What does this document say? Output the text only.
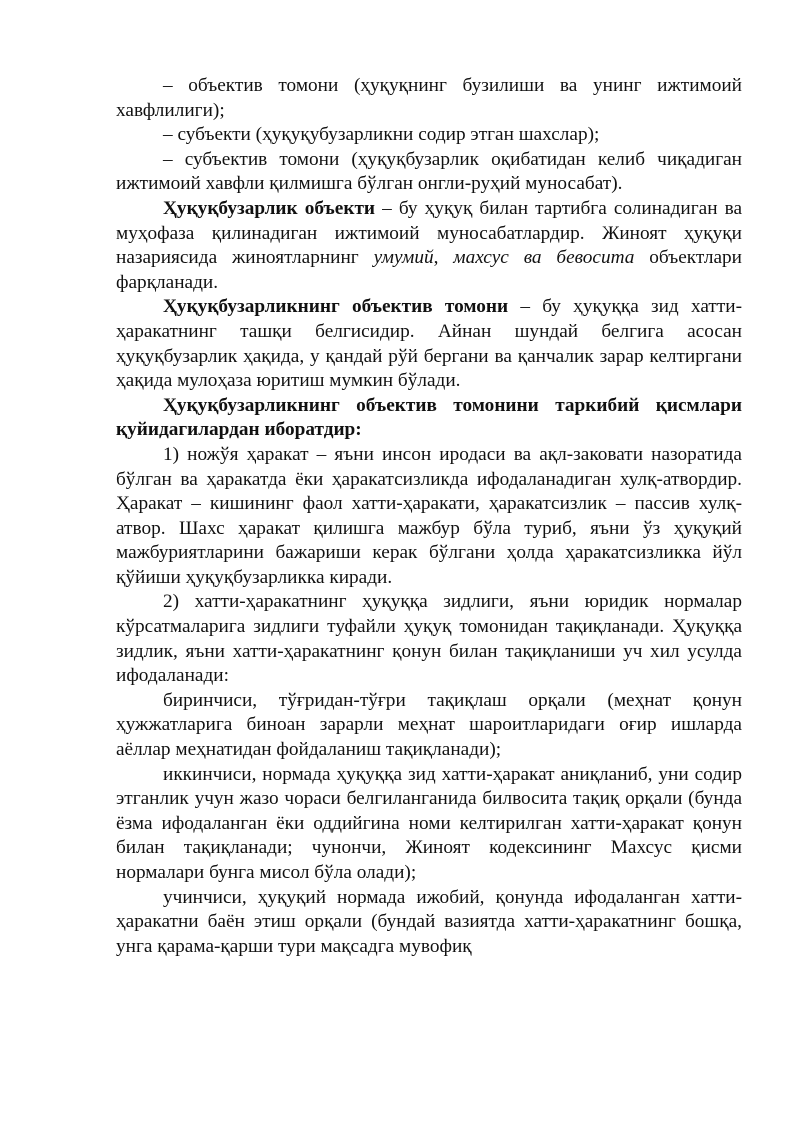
– объектив томони (ҳуқуқнинг бузилиши ва унинг ижтимоий хавфлилиги);

– субъекти (ҳуқуқубузарликни содир этган шахслар);

– субъектив томони (ҳуқуқбузарлик оқибатидан келиб чиқадиган ижтимоий хавфли қилмишга бўлган онгли-руҳий муносабат).

Ҳуқуқбузарлик объекти – бу ҳуқуқ билан тартибга солинадиган ва муҳофаза қилинадиган ижтимоий муносабатлардир. Жиноят ҳуқуқи назариясида жиноятларнинг умумий, махсус ва бевосита объектлари фарқланади.

Ҳуқуқбузарликнинг объектив томони – бу ҳуқуққа зид хатти-ҳаракатнинг ташқи белгисидир. Айнан шундай белгига асосан ҳуқуқбузарлик ҳақида, у қандай рўй бергани ва қанчалик зарар келтиргани ҳақида мулоҳаза юритиш мумкин бўлади.

Ҳуқуқбузарликнинг объектив томонини таркибий қисмлари қуйидагилардан иборатдир:

1) ножўя ҳаракат – яъни инсон иродаси ва ақл-заковати назоратида бўлган ва ҳаракатда ёки ҳаракатсизликда ифодаланадиган хулқ-атвордир. Ҳаракат – кишининг фаол хатти-ҳаракати, ҳаракатсизлик – пассив хулқ-атвор. Шахс ҳаракат қилишга мажбур бўла туриб, яъни ўз ҳуқуқий мажбуриятларини бажариши керак бўлгани ҳолда ҳаракатсизликка йўл қўйиши ҳуқуқбузарликка киради.

2) хатти-ҳаракатнинг ҳуқуққа зидлиги, яъни юридик нормалар кўрсатмаларига зидлиги туфайли ҳуқуқ томонидан тақиқланади. Ҳуқуққа зидлик, яъни хатти-ҳаракатнинг қонун билан тақиқланиши уч хил усулда ифодаланади:

биринчиси, тўғридан-тўғри тақиқлаш орқали (меҳнат қонун ҳужжатларига биноан зарарли меҳнат шароитларидаги оғир ишларда аёллар меҳнатидан фойдаланиш тақиқланади);

иккинчиси, нормада ҳуқуққа зид хатти-ҳаракат аниқланиб, уни содир этганлик учун жазо чораси белгиланганида билвосита тақиқ орқали (бунда ёзма ифодаланган ёки оддийгина номи келтирилган хатти-ҳаракат қонун билан тақиқланади; чунончи, Жиноят кодексининг Махсус қисми нормалари бунга мисол бўла олади);

учинчиси, ҳуқуқий нормада ижобий, қонунда ифодаланган хатти-ҳаракатни баён этиш орқали (бундай вазиятда хатти-ҳаракатнинг бошқа, унга қарама-қарши тури мақсадга мувофиқ
